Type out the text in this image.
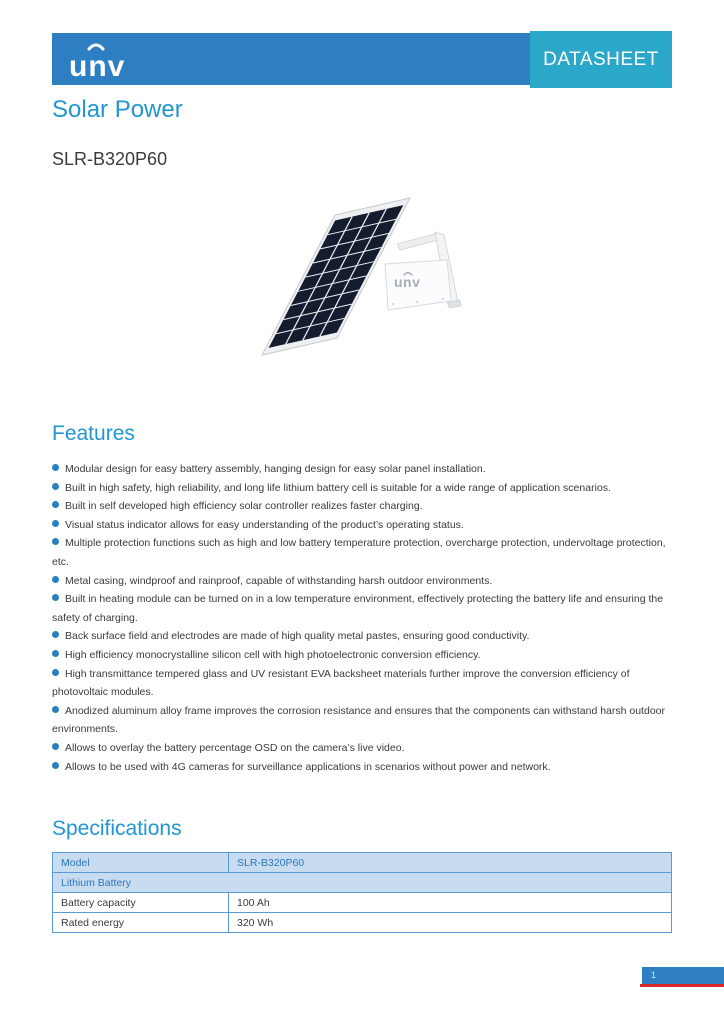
unv	DATASHEET
Solar Power
SLR-B320P60
unv
Features
Modular design for easy battery assembly, hanging design for easy solar panel installation.
Built in high safety, high reliability, and long life lithium battery cell is suitable for a wide range of application scenarios.
Built in self developed high efficiency solar controller realizes faster charging.
Visual status indicator allows for easy understanding of the product’s operating status.
Multiple protection functions such as high and low battery temperature protection, overcharge protection, undervoltage protection, etc.
Metal casing, windproof and rainproof, capable of withstanding harsh outdoor environments.
Built in heating module can be turned on in a low temperature environment, effectively protecting the battery life and ensuring the safety of charging.
Back surface field and electrodes are made of high quality metal pastes, ensuring good conductivity.
High efficiency monocrystalline silicon cell with high photoelectronic conversion efficiency.
High transmittance tempered glass and UV resistant EVA backsheet materials further improve the conversion efficiency of photovoltaic modules.
Anodized aluminum alloy frame improves the corrosion resistance and ensures that the components can withstand harsh outdoor environments.
Allows to overlay the battery percentage OSD on the camera’s live video.
Allows to be used with 4G cameras for surveillance applications in scenarios without power and network.
Specifications
Model	SLR-B320P60
Lithium Battery	
Battery capacity	100 Ah
Rated energy	320 Wh
1
